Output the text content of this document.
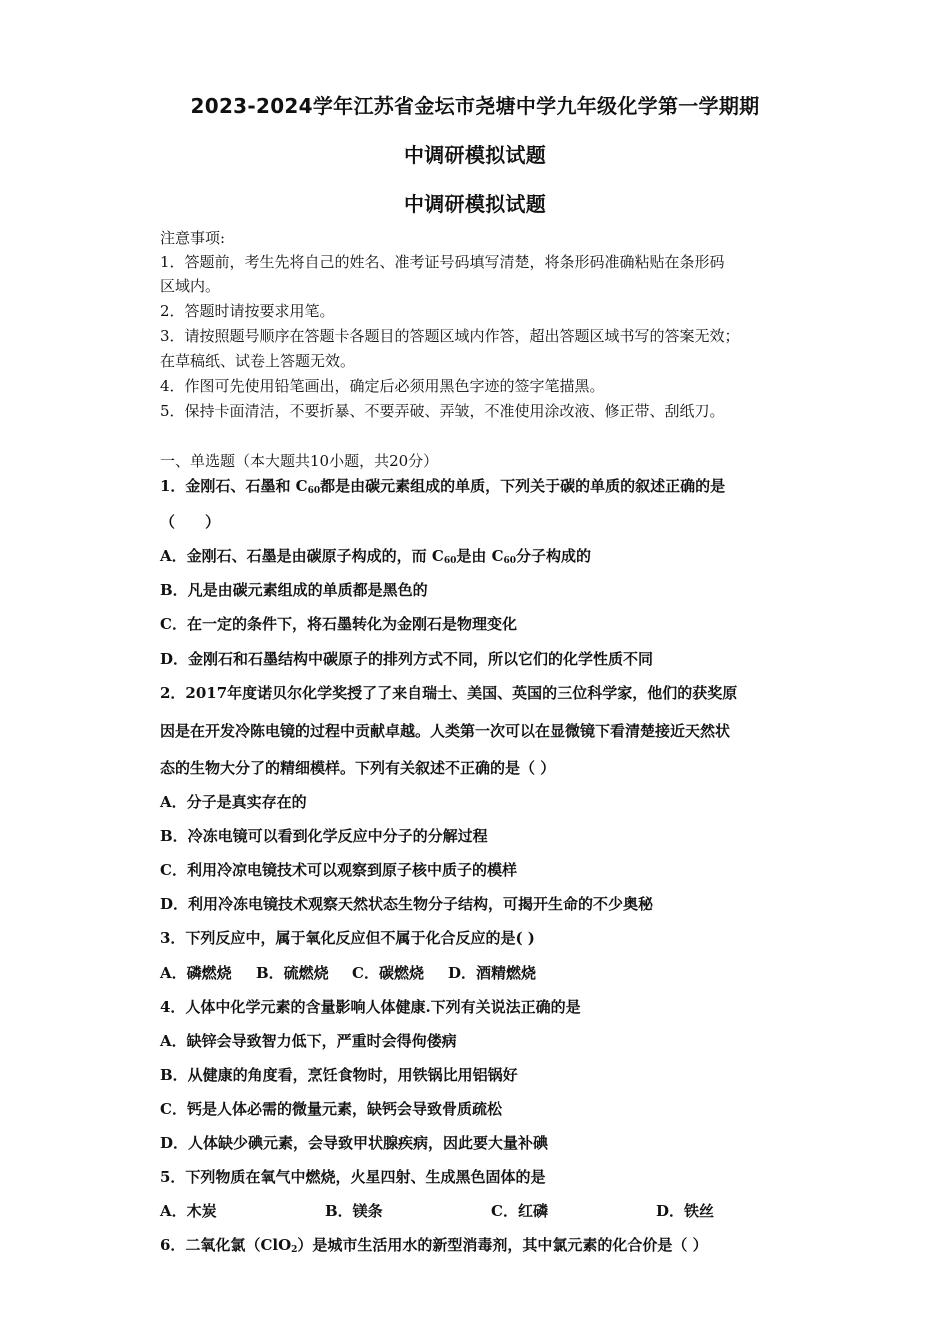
2023-2024学年江苏省金坛市尧塘中学九年级化学第一学期期
中调研模拟试题
中调研模拟试题
注意事项:
1．答题前，考生先将自己的姓名、准考证号码填写清楚，将条形码准确粘贴在条形码
区域内。
2．答题时请按要求用笔。
3．请按照题号顺序在答题卡各题目的答题区域内作答，超出答题区域书写的答案无效；
在草稿纸、试卷上答题无效。
4．作图可先使用铅笔画出，确定后必须用黑色字迹的签字笔描黑。
5．保持卡面清洁，不要折暴、不要弄破、弄皱，不准使用涂改液、修正带、刮纸刀。
一、单选题（本大题共10小题，共20分）
1．金刚石、石墨和 $C_{60}$都是由碳元素组成的单质，下列关于碳的单质的叙述正确的是
（　　）
A．金刚石、石墨是由碳原子构成的，而 $C_{60}$是由 $C_{60}$分子构成的
B．凡是由碳元素组成的单质都是黑色的
C．在一定的条件下，将石墨转化为金刚石是物理变化
D．金刚石和石墨结构中碳原子的排列方式不同，所以它们的化学性质不同
2．2017年度诺贝尔化学奖授了了来自瑞士、美国、英国的三位科学家，他们的获奖原
因是在开发冷陈电镜的过程中贡献卓越。人类第一次可以在显微镜下看清楚接近天然状
态的生物大分了的精细模样。下列有关叙述不正确的是（ ）
A．分子是真实存在的
B．冷冻电镜可以看到化学反应中分子的分解过程
C．利用冷凉电镜技术可以观察到原子核中质子的模样
D．利用冷冻电镜技术观察天然状态生物分子结构，可揭开生命的不少奥秘
3．下列反应中，属于氧化反应但不属于化合反应的是( )
A．磷燃烧 B．硫燃烧 C．碳燃烧 D．酒精燃烧
4．人体中化学元素的含量影响人体健康.下列有关说法正确的是
A．缺锌会导致智力低下，严重时会得佝偻病
B．从健康的角度看，烹饪食物时，用铁锅比用铝锅好
C．钙是人体必需的微量元素，缺钙会导致骨质疏松
D．人体缺少碘元素，会导致甲状腺疾病，因此要大量补碘
5．下列物质在氧气中燃烧，火星四射、生成黑色固体的是
A．木炭	B．镁条	C．红磷	D．铁丝
6．二氧化氯（ClO$_2$）是城市生活用水的新型消毒剂，其中氯元素的化合价是（ ）
